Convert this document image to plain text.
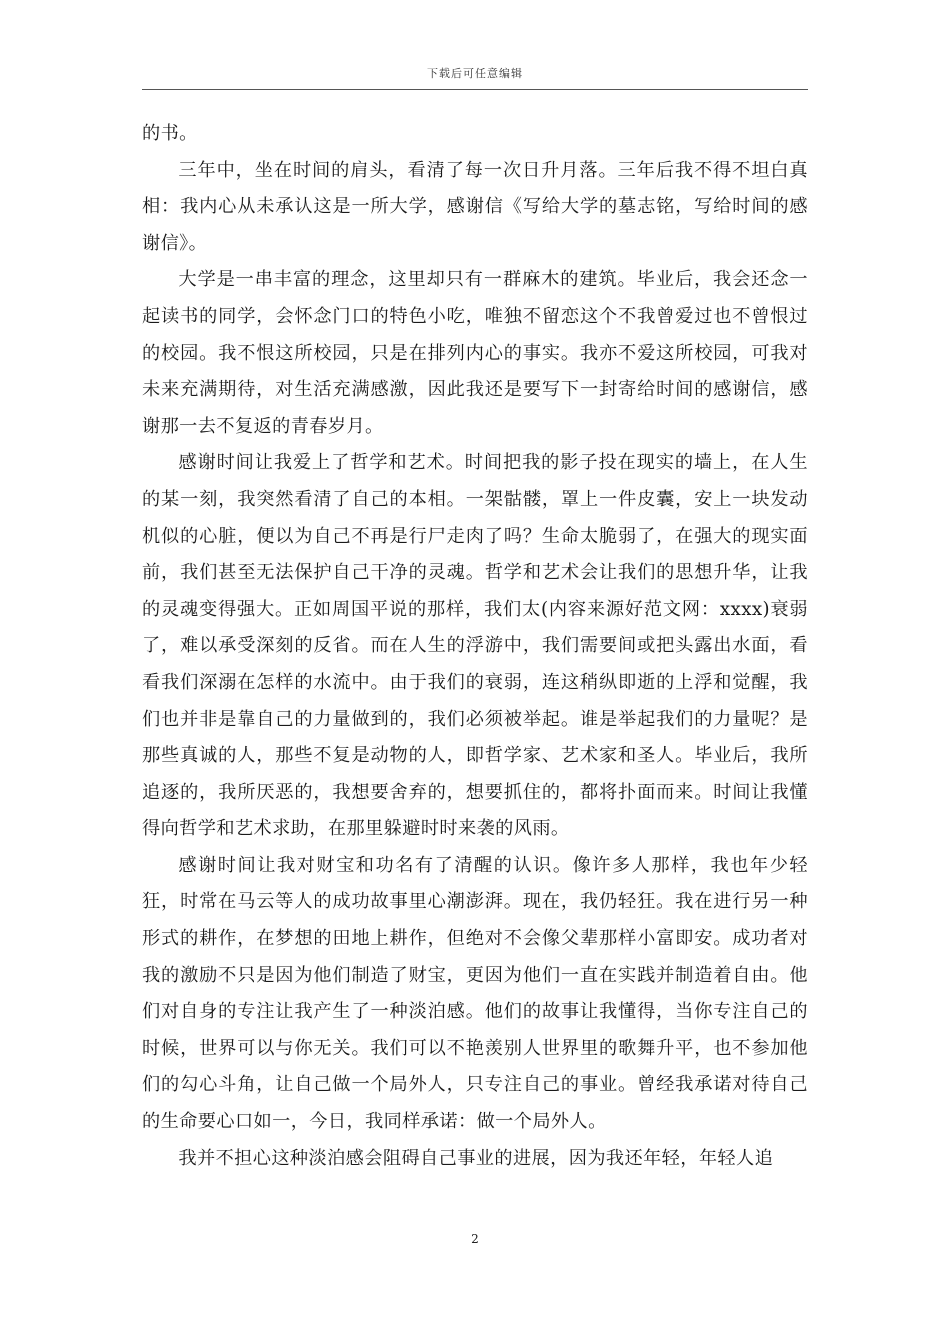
下载后可任意编辑

的书。

三年中，坐在时间的肩头，看清了每一次日升月落。三年后我不得不坦白真相：我内心从未承认这是一所大学，感谢信《写给大学的墓志铭，写给时间的感谢信》。

大学是一串丰富的理念，这里却只有一群麻木的建筑。毕业后，我会还念一起读书的同学，会怀念门口的特色小吃，唯独不留恋这个不我曾爱过也不曾恨过的校园。我不恨这所校园，只是在排列内心的事实。我亦不爱这所校园，可我对未来充满期待，对生活充满感激，因此我还是要写下一封寄给时间的感谢信，感谢那一去不复返的青春岁月。

感谢时间让我爱上了哲学和艺术。时间把我的影子投在现实的墙上，在人生的某一刻，我突然看清了自己的本相。一架骷髅，罩上一件皮囊，安上一块发动机似的心脏，便以为自己不再是行尸走肉了吗？生命太脆弱了，在强大的现实面前，我们甚至无法保护自己干净的灵魂。哲学和艺术会让我们的思想升华，让我的灵魂变得强大。正如周国平说的那样，我们太(内容来源好范文网：xxxx)衰弱了，难以承受深刻的反省。而在人生的浮游中，我们需要间或把头露出水面，看看我们深溺在怎样的水流中。由于我们的衰弱，连这稍纵即逝的上浮和觉醒，我们也并非是靠自己的力量做到的，我们必须被举起。谁是举起我们的力量呢？是那些真诚的人，那些不复是动物的人，即哲学家、艺术家和圣人。毕业后，我所追逐的，我所厌恶的，我想要舍弃的，想要抓住的，都将扑面而来。时间让我懂得向哲学和艺术求助，在那里躲避时时来袭的风雨。

感谢时间让我对财宝和功名有了清醒的认识。像许多人那样，我也年少轻狂，时常在马云等人的成功故事里心潮澎湃。现在，我仍轻狂。我在进行另一种形式的耕作，在梦想的田地上耕作，但绝对不会像父辈那样小富即安。成功者对我的激励不只是因为他们制造了财宝，更因为他们一直在实践并制造着自由。他们对自身的专注让我产生了一种淡泊感。他们的故事让我懂得，当你专注自己的时候，世界可以与你无关。我们可以不艳羡别人世界里的歌舞升平，也不参加他们的勾心斗角，让自己做一个局外人，只专注自己的事业。曾经我承诺对待自己的生命要心口如一，今日，我同样承诺：做一个局外人。

我并不担心这种淡泊感会阻碍自己事业的进展，因为我还年轻，年轻人追

2
